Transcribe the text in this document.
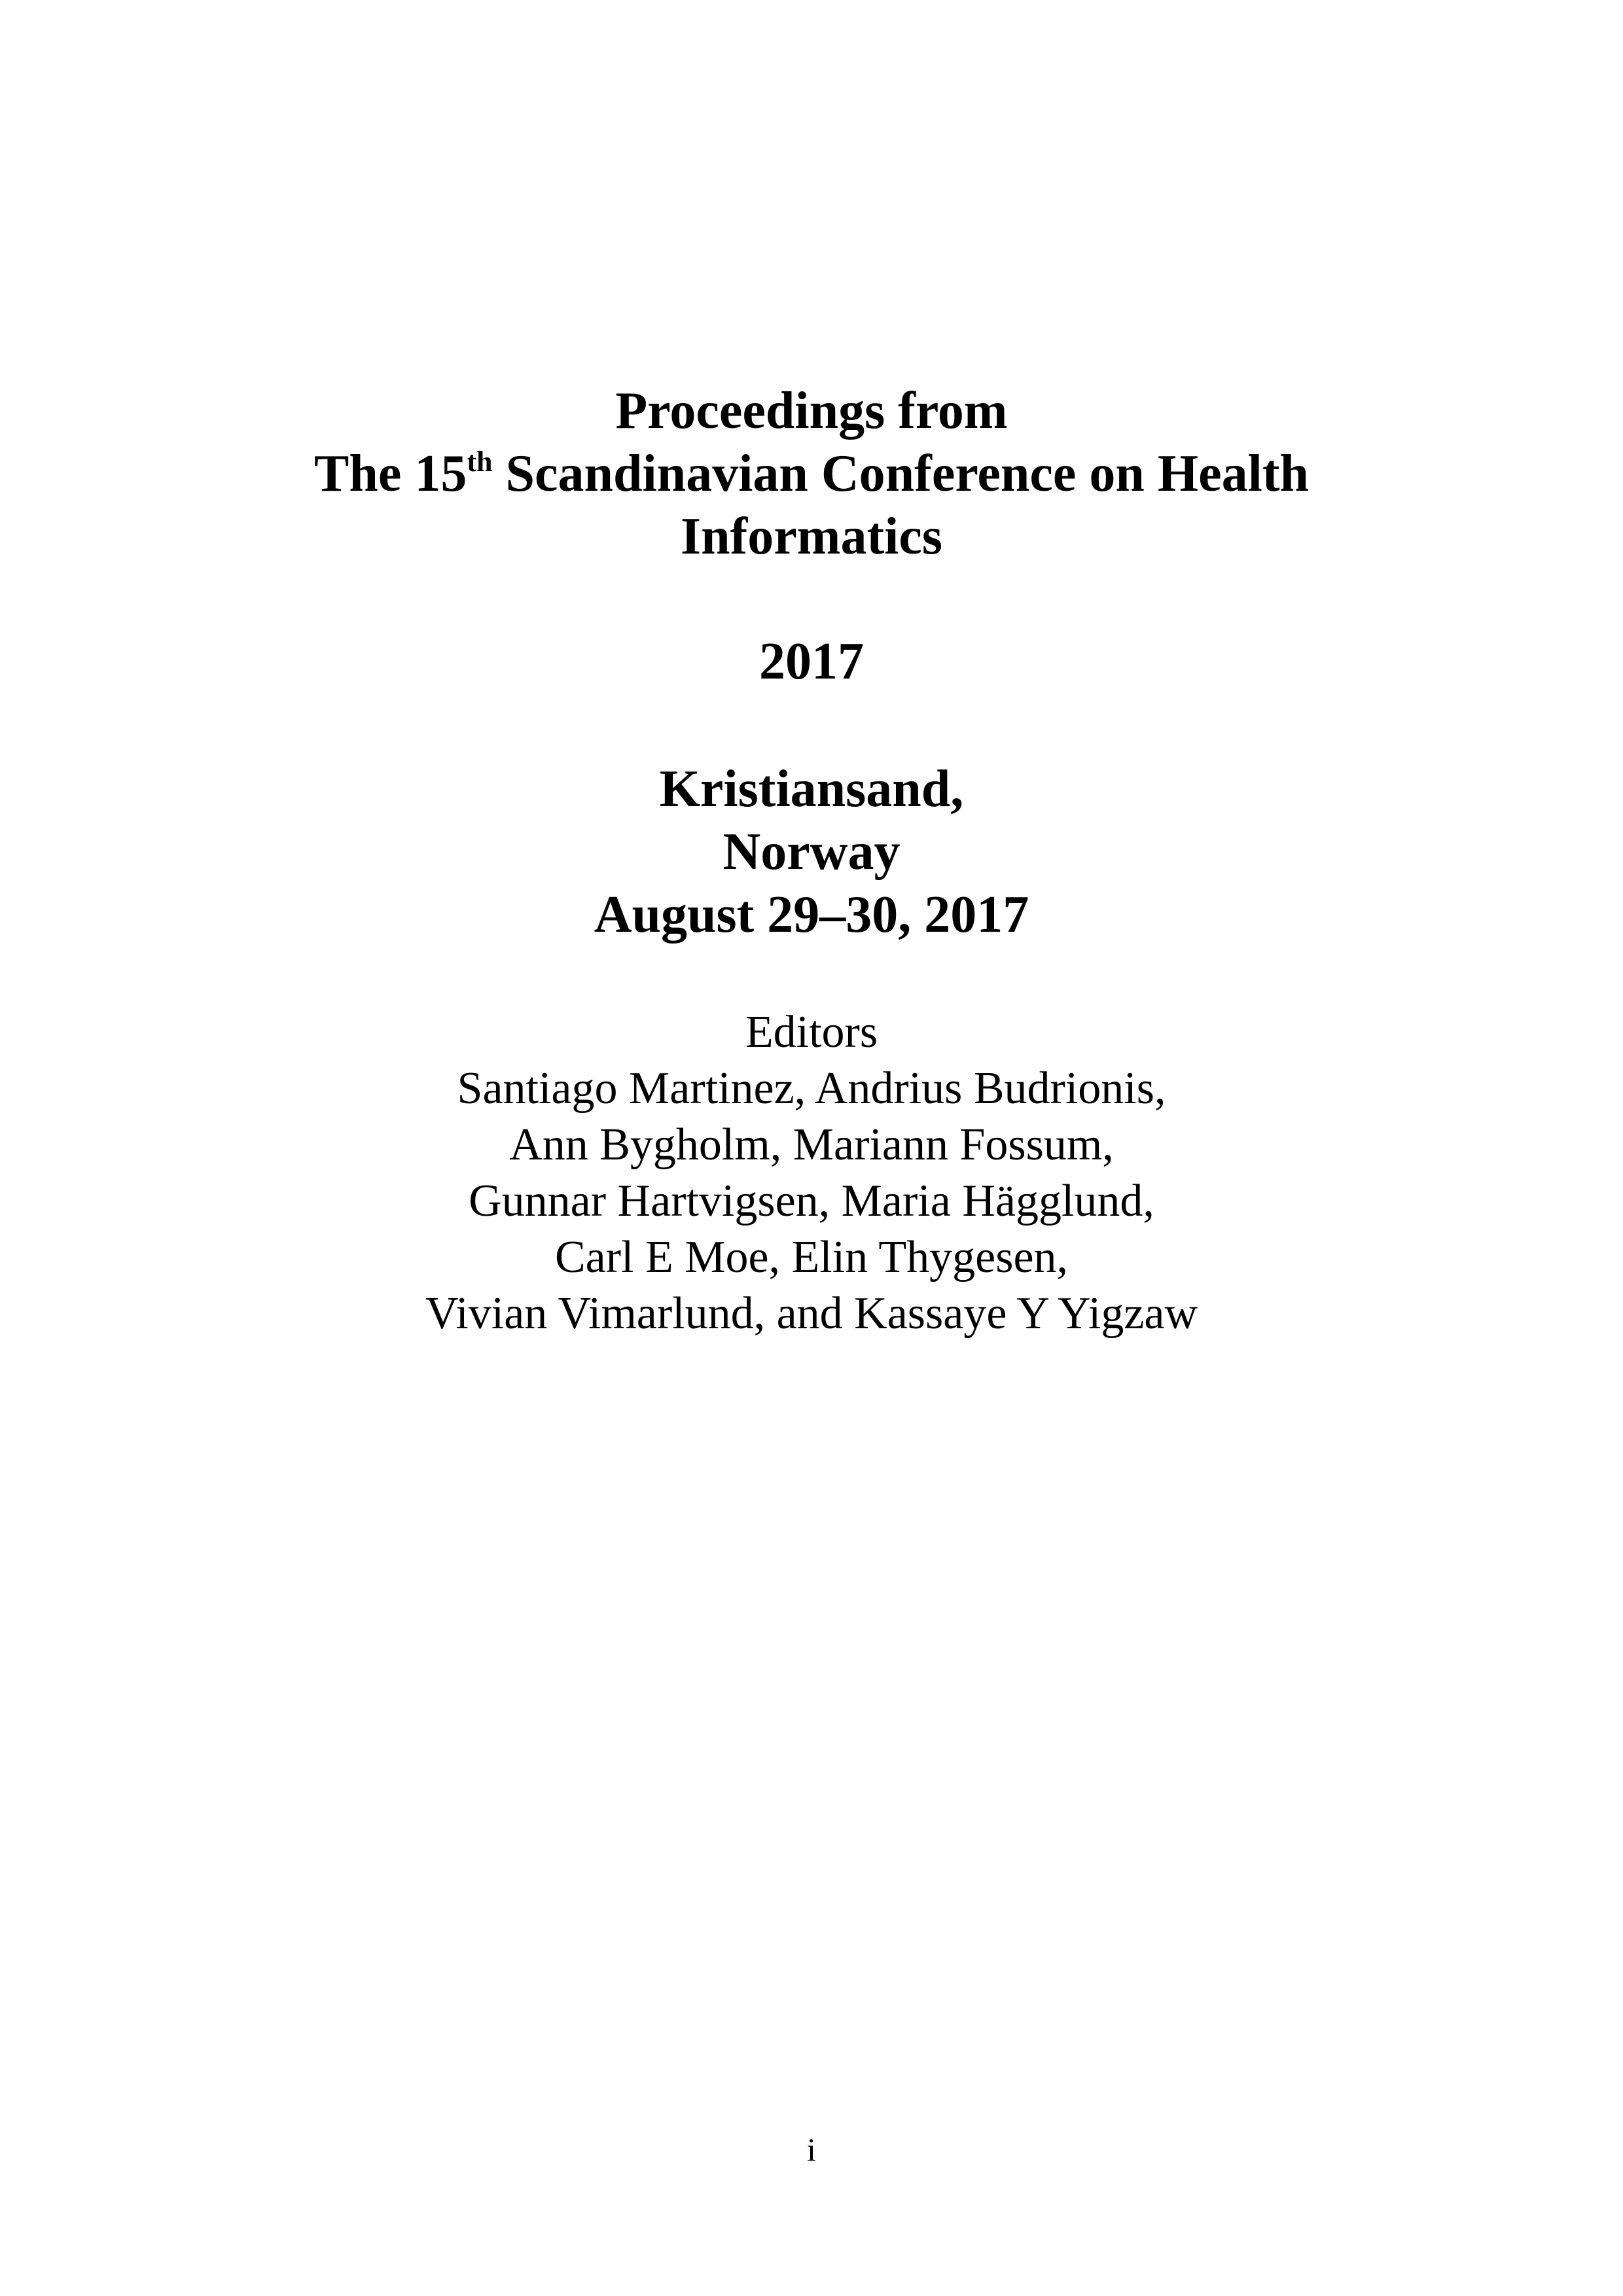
Proceedings from
The 15th Scandinavian Conference on Health
Informatics
2017
Kristiansand,
Norway
August 29–30, 2017
Editors
Santiago Martinez, Andrius Budrionis,
Ann Bygholm, Mariann Fossum,
Gunnar Hartvigsen, Maria Hägglund,
Carl E Moe, Elin Thygesen,
Vivian Vimarlund, and Kassaye Y Yigzaw
i
